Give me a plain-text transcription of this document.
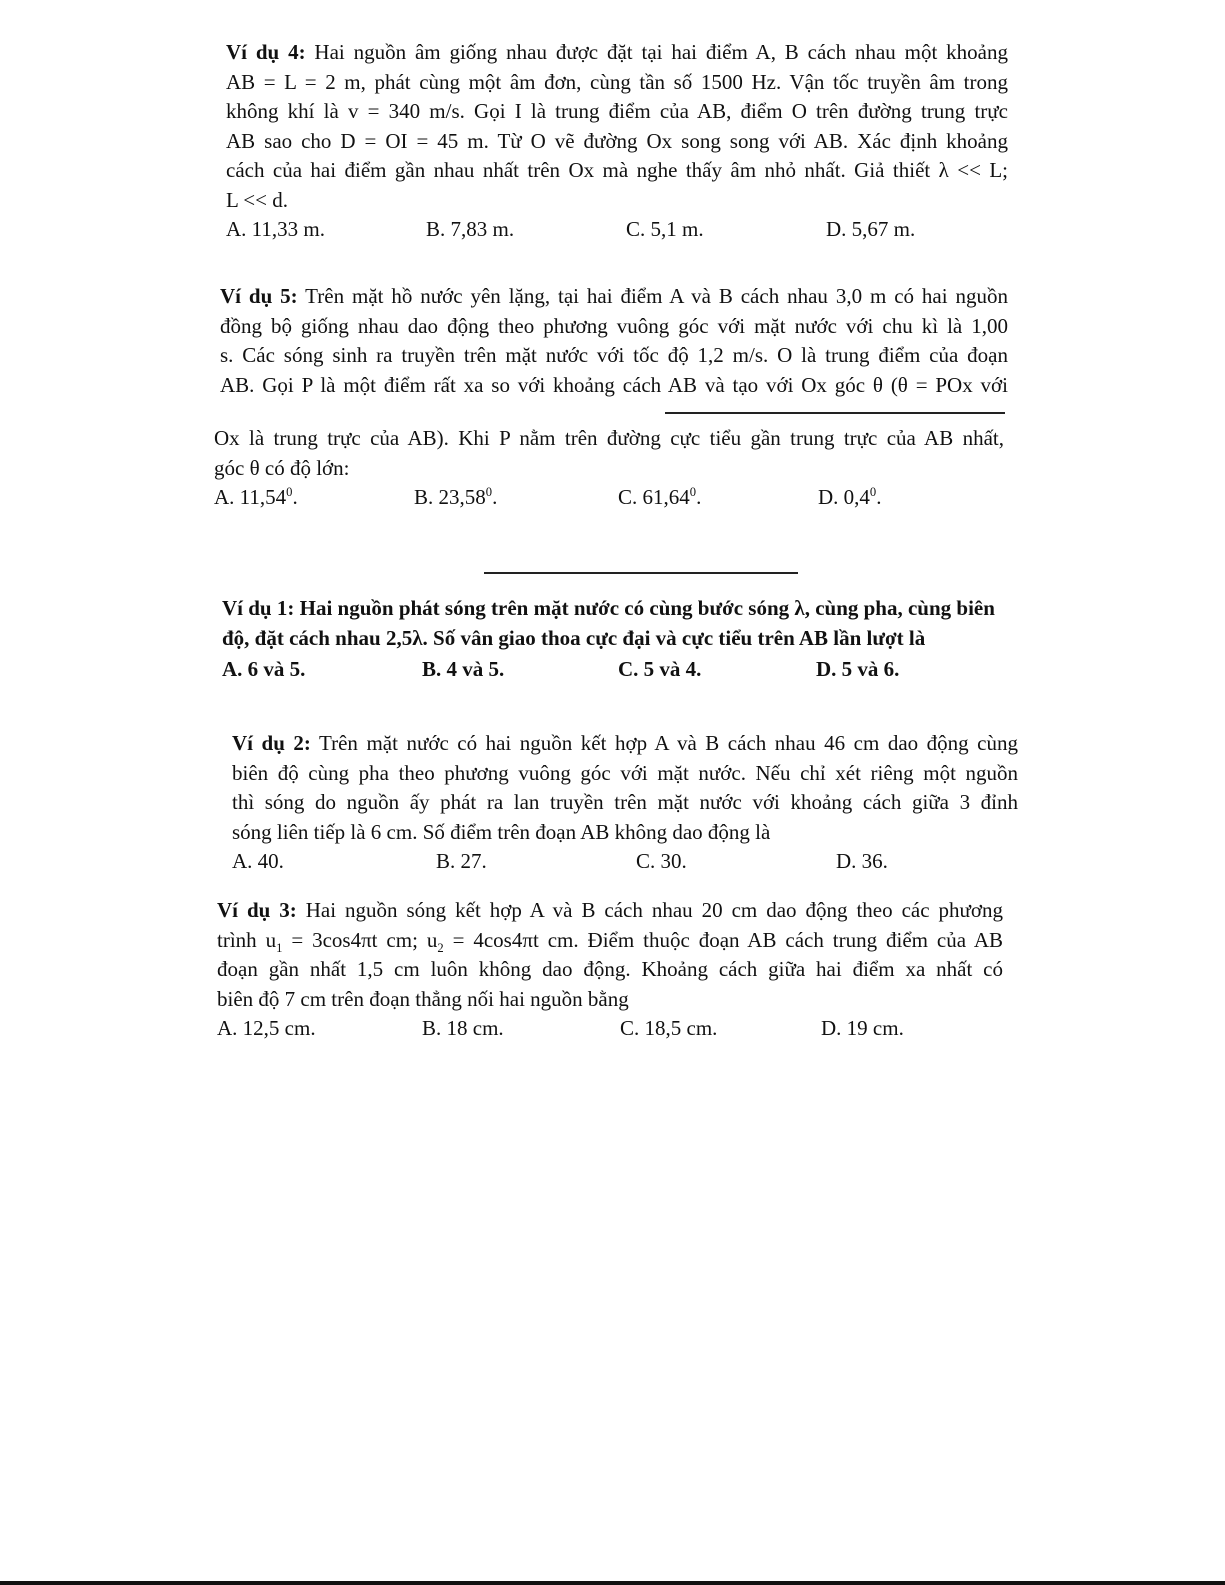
Ví dụ 4: Hai nguồn âm giống nhau được đặt tại hai điểm A, B cách nhau một khoảng
AB = L = 2 m, phát cùng một âm đơn, cùng tần số 1500 Hz. Vận tốc truyền âm trong
không khí là v = 340 m/s. Gọi I là trung điểm của AB, điểm O trên đường trung trực
AB sao cho D = OI = 45 m. Từ O vẽ đường Ox song song với AB. Xác định khoảng
cách của hai điểm gần nhau nhất trên Ox mà nghe thấy âm nhỏ nhất. Giả thiết λ << L;
L << d.
A. 11,33 m.	B. 7,83 m.	C. 5,1 m.	D. 5,67 m.
Ví dụ 5: Trên mặt hồ nước yên lặng, tại hai điểm A và B cách nhau 3,0 m có hai nguồn
đồng bộ giống nhau dao động theo phương vuông góc với mặt nước với chu kì là 1,00
s. Các sóng sinh ra truyền trên mặt nước với tốc độ 1,2 m/s. O là trung điểm của đoạn
AB. Gọi P là một điểm rất xa so với khoảng cách AB và tạo với Ox góc θ (θ = POx với
Ox là trung trực của AB). Khi P nằm trên đường cực tiểu gần trung trực của AB nhất,
góc θ có độ lớn:
A. 11,54$^0$.	B. 23,58$^0$.	C. 61,64$^0$.	D. $0,4^0$.
Ví dụ 1: Hai nguồn phát sóng trên mặt nước có cùng bước sóng λ, cùng pha, cùng biên
độ, đặt cách nhau 2,5λ. Số vân giao thoa cực đại và cực tiểu trên AB lần lượt là
A. 6 và 5.	B. 4 và 5.	C. 5 và 4.	D. 5 và 6.
Ví dụ 2: Trên mặt nước có hai nguồn kết hợp A và B cách nhau 46 cm dao động cùng
biên độ cùng pha theo phương vuông góc với mặt nước. Nếu chỉ xét riêng một nguồn
thì sóng do nguồn ấy phát ra lan truyền trên mặt nước với khoảng cách giữa 3 đỉnh
sóng liên tiếp là 6 cm. Số điểm trên đoạn AB không dao động là
A. 40.	B. 27.	C. 30.	D. 36.
Ví dụ 3: Hai nguồn sóng kết hợp A và B cách nhau 20 cm dao động theo các phương
trình $u_1 = 3\cos 4\pi t$ cm; $u_2 = 4\cos 4\pi t$ cm. Điểm thuộc đoạn AB cách trung điểm của AB
đoạn gần nhất 1,5 cm luôn không dao động. Khoảng cách giữa hai điểm xa nhất có
biên độ 7 cm trên đoạn thẳng nối hai nguồn bằng
A. 12,5 cm.	B. 18 cm.	C. 18,5 cm.	D. 19 cm.
